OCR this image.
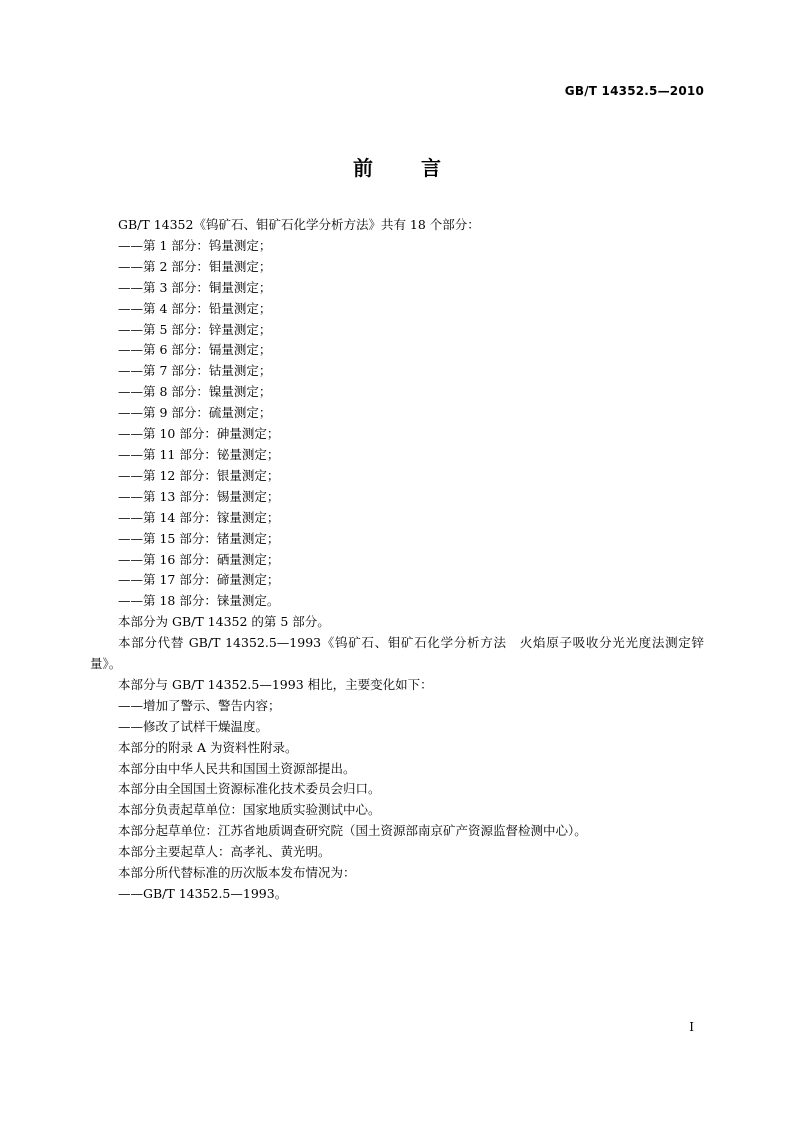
GB/T 14352.5—2010
前言

GB/T 14352《钨矿石、钼矿石化学分析方法》共有 18 个部分：

——第 1 部分：钨量测定；

——第 2 部分：钼量测定；

——第 3 部分：铜量测定；

——第 4 部分：铅量测定；

——第 5 部分：锌量测定；

——第 6 部分：镉量测定；

——第 7 部分：钴量测定；

——第 8 部分：镍量测定；

——第 9 部分：硫量测定；

——第 10 部分：砷量测定；

——第 11 部分：铋量测定；

——第 12 部分：银量测定；

——第 13 部分：锡量测定；

——第 14 部分：镓量测定；

——第 15 部分：锗量测定；

——第 16 部分：硒量测定；

——第 17 部分：碲量测定；

——第 18 部分：铼量测定。

本部分为 GB/T 14352 的第 5 部分。

本部分代替 GB/T 14352.5—1993《钨矿石、钼矿石化学分析方法　火焰原子吸收分光光度法测定锌量》。

本部分与 GB/T 14352.5—1993 相比，主要变化如下：

——增加了警示、警告内容；

——修改了试样干燥温度。

本部分的附录 A 为资料性附录。

本部分由中华人民共和国国土资源部提出。

本部分由全国国土资源标准化技术委员会归口。

本部分负责起草单位：国家地质实验测试中心。

本部分起草单位：江苏省地质调查研究院（国土资源部南京矿产资源监督检测中心）。

本部分主要起草人：高孝礼、黄光明。

本部分所代替标准的历次版本发布情况为：

——GB/T 14352.5—1993。

I
